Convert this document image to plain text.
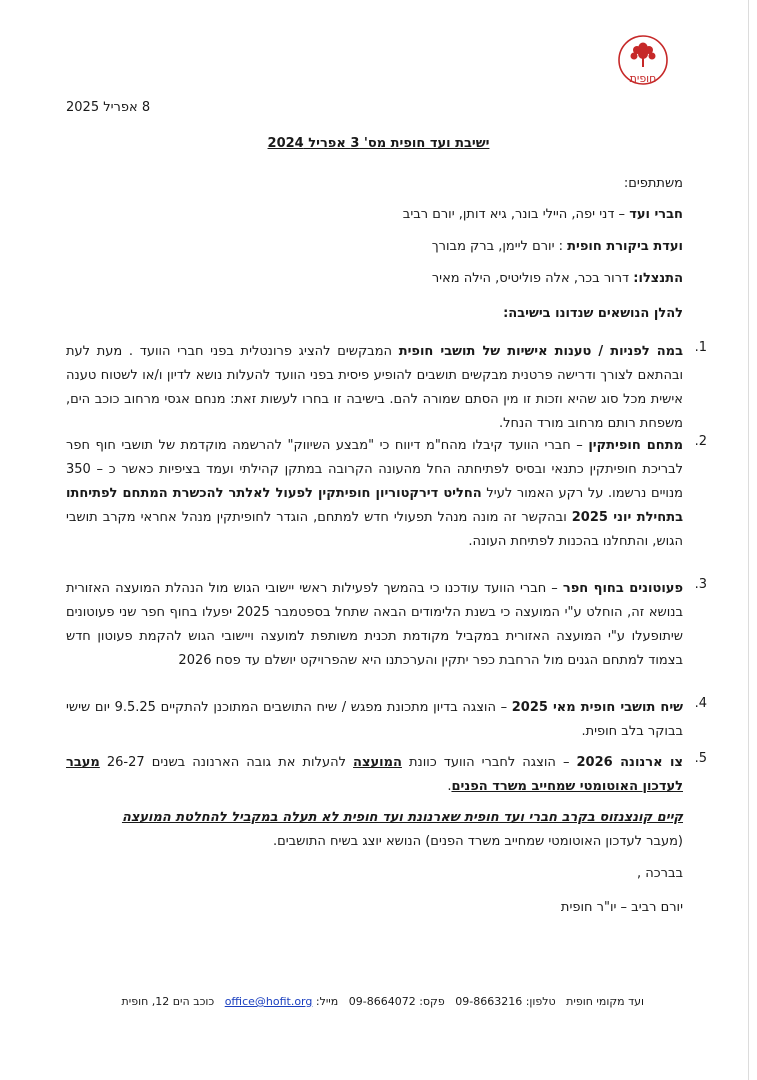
חופית
8 אפריל 2025
ישיבת ועד חופית מס' 3 אפריל 2024
משתתפים:
חברי ועד – דני יפה, היילי בונר, גיא דותן, יורם רביב
ועדת ביקורת חופית : יורם ליימן, ברק מבורך
התנצלו: דרור בכר, אלה פוליטיס, הילה מאיר
להלן הנושאים שנדונו בישיבה:
1.
במה לפניות / טענות אישיות של תושבי חופית המבקשים להציג פרונטלית בפני חברי הוועד . מעת לעת ובהתאם לצורך ודרישה פרטנית מבקשים תושבים להופיע פיסית בפני הוועד להעלות נושא לדיון ו/או לשטוח טענה אישית מכל סוג שהיא וזכות זו מין הסתם שמורה להם. בישיבה זו בחרו לעשות זאת: מנחם אגסי מרחוב כוכב הים, משפחת רותם מרחוב מורד הנחל.
2.
מתחם חופיתקין – חברי הוועד קיבלו מהח"מ דיווח כי "מבצע השיווק" להרשמה מוקדמת של תושבי חוף חפר לבריכת חופיתקין כתנאי ובסיס לפתיחתה החל מהעונה הקרובה במתקן קהילתי ועמד בציפיות כאשר כ – 350 מנויים נרשמו. על רקע האמור לעיל החליט דירקטוריון חופיתקין לפעול לאלתר להכשרת המתחם לפתיחתו בתחילת יוני 2025 ובהקשר זה מונה מנהל תפעולי חדש למתחם, הוגדר לחופיתקין מנהל אחראי מקרב תושבי הגוש, והתחלנו בהכנות לפתיחת העונה.
3.
פעוטונים בחוף חפר – חברי הוועד עודכנו כי בהמשך לפעילות ראשי יישובי הגוש מול הנהלת המועצה האזורית בנושא זה, הוחלט ע"י המועצה כי בשנת הלימודים הבאה שתחל בספטמבר 2025 יפעלו בחוף חפר שני פעוטונים שיתופעלו ע"י המועצה האזורית במקביל מקודמת תכנית משותפת למועצה ויישובי הגוש להקמת פעוטון חדש בצמוד למתחם הגנים מול הרחבת כפר יתקין והערכתנו היא שהפרויקט יושלם עד פסח 2026
4.
שיח תושבי חופית מאי 2025 – הוצגה בדיון מתכונת מפגש / שיח התושבים המתוכנן להתקיים 9.5.25 יום שישי בבוקר בלב חופית.
5.
צו ארנונה 2026 – הוצגה לחברי הוועד כוונת המועצה להעלות את גובה הארנונה בשנים 26-27 מעבר לעדכון האוטומטי שמחייב משרד הפנים.
קיים קונצנזוס בקרב חברי ועד חופית שארנונת ועד חופית לא תעלה במקביל להחלטת המועצה
(מעבר לעדכון האוטומטי שמחייב משרד הפנים) הנושא יוצג בשיח התושבים.
בברכה ,
יורם רביב – יו"ר חופית
ועד מקומי חופית   טלפון: 09-8663216   פקס: 09-8664072   מייל: office@hofit.org   כוכב הים 12, חופית
